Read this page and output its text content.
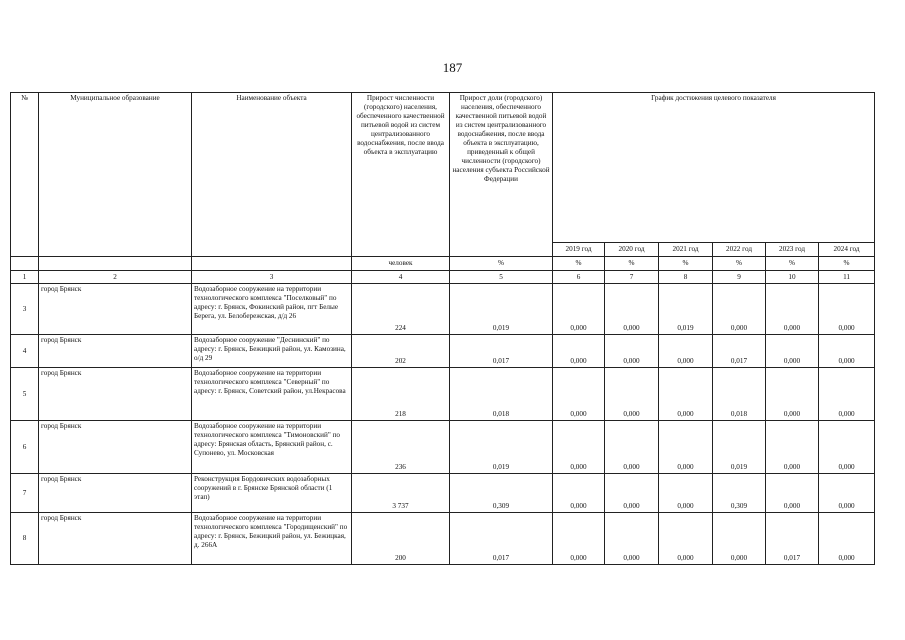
187
№	Муниципальное образование	Наименование объекта	Прирост численности (городского) населения, обеспеченного качественной питьевой водой из систем централизованного водоснабжения, после ввода объекта в эксплуатацию	Прирост доли (городского) населения, обеспеченного качественной питьевой водой из систем централизованного водоснабжения, после ввода объекта в эксплуатацию, приведенный к общей численности (городского) населения субъекта Российской Федерации	График достижения целевого показателя					
					2019 год	2020 год	2021 год	2022 год	2023 год	2024 год
			человек	%	%	%	%	%	%	%
1	2	3	4	5	6	7	8	9	10	11
3	город Брянск	Водозаборное сооружение на территории технологического комплекса "Поселковый" по адресу: г. Брянск, Фокинский район, пгт Белые Берега, ул. Белобережская, д/д 26	224	0,019	0,000	0,000	0,019	0,000	0,000	0,000
4	город Брянск	Водозаборное сооружение "Деснинский" по адресу: г. Брянск, Бежицкий район, ул. Камозина, о/д 29	202	0,017	0,000	0,000	0,000	0,017	0,000	0,000
5	город Брянск	Водозаборное сооружение на территории технологического комплекса "Северный" по адресу: г. Брянск, Советский район, ул.Некрасова	218	0,018	0,000	0,000	0,000	0,018	0,000	0,000
6	город Брянск	Водозаборное сооружение на территории технологического комплекса "Тимоновский" по адресу: Брянская область, Брянский район, с. Супонево, ул. Московская	236	0,019	0,000	0,000	0,000	0,019	0,000	0,000
7	город Брянск	Реконструкция Бордовичских водозаборных сооружений в г. Брянске Брянской области (1 этап)	3 737	0,309	0,000	0,000	0,000	0,309	0,000	0,000
8	город Брянск	Водозаборное сооружение на территории технологического комплекса "Городищенский" по адресу: г. Брянск, Бежицкий район, ул. Бежицкая, д. 266А	200	0,017	0,000	0,000	0,000	0,000	0,017	0,000
